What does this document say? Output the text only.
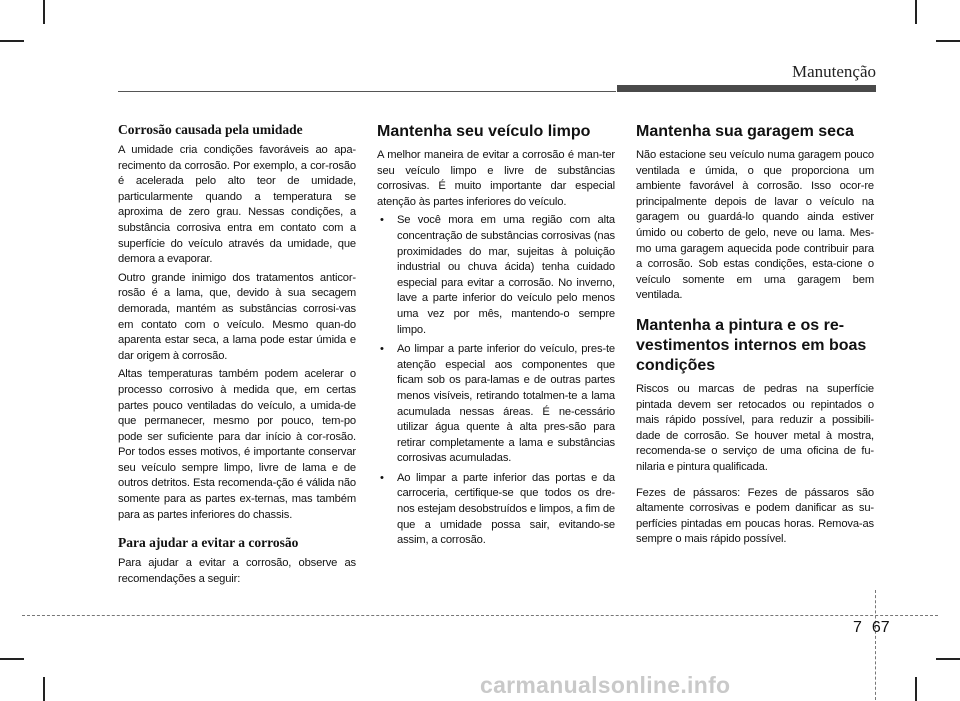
Manutenção
Corrosão causada pela umidade

A umidade cria condições favoráveis ao apa-recimento da corrosão. Por exemplo, a cor-rosão é acelerada pelo alto teor de umidade, particularmente quando a temperatura se aproxima de zero grau. Nessas condições, a substância corrosiva entra em contato com a superfície do veículo através da umidade, que demora a evaporar.

Outro grande inimigo dos tratamentos anticor-rosão é a lama, que, devido à sua secagem demorada, mantém as substâncias corrosi-vas em contato com o veículo. Mesmo quan-do aparenta estar seca, a lama pode estar úmida e dar origem à corrosão.

Altas temperaturas também podem acelerar o processo corrosivo à medida que, em certas partes pouco ventiladas do veículo, a umida-de que permanecer, mesmo por pouco, tem-po pode ser suficiente para dar início à cor-rosão. Por todos esses motivos, é importante conservar seu veículo sempre limpo, livre de lama e de outros detritos. Esta recomenda-ção é válida não somente para as partes ex-ternas, mas também para as partes inferiores do chassis.

Para ajudar a evitar a corrosão

Para ajudar a evitar a corrosão, observe as recomendações a seguir:

Mantenha seu veículo limpo

A melhor maneira de evitar a corrosão é man-ter seu veículo limpo e livre de substâncias corrosivas. É muito importante dar especial atenção às partes inferiores do veículo.

• Se você mora em uma região com alta concentração de substâncias corrosivas (nas proximidades do mar, sujeitas à poluição industrial ou chuva ácida) tenha cuidado especial para evitar a corrosão. No inverno, lave a parte inferior do veículo pelo menos uma vez por mês, mantendo-o sempre limpo.
• Ao limpar a parte inferior do veículo, pres-te atenção especial aos componentes que ficam sob os para-lamas e de outras partes menos visíveis, retirando totalmen-te a lama acumulada nessas áreas. É ne-cessário utilizar água quente à alta pres-são para retirar completamente a lama e substâncias corrosivas acumuladas.
• Ao limpar a parte inferior das portas e da carroceria, certifique-se que todos os dre-nos estejam desobstruídos e limpos, a fim de que a umidade possa sair, evitando-se assim, a corrosão.
Mantenha sua garagem seca

Não estacione seu veículo numa garagem pouco ventilada e úmida, o que proporciona um ambiente favorável à corrosão. Isso ocor-re principalmente depois de lavar o veículo na garagem ou guardá-lo quando ainda estiver úmido ou coberto de gelo, neve ou lama. Mes-mo uma garagem aquecida pode contribuir para a corrosão. Sob estas condições, esta-cione o veículo somente em uma garagem bem ventilada.

Mantenha a pintura e os re-vestimentos internos em boas condições

Riscos ou marcas de pedras na superfície pintada devem ser retocados ou repintados o mais rápido possível, para reduzir a possibili-dade de corrosão. Se houver metal à mostra, recomenda-se o serviço de uma oficina de fu-nilaria e pintura qualificada.

Fezes de pássaros: Fezes de pássaros são altamente corrosivas e podem danificar as su-perfícies pintadas em poucas horas. Remova-as sempre o mais rápido possível.

7 67
carmanualsonline.info
